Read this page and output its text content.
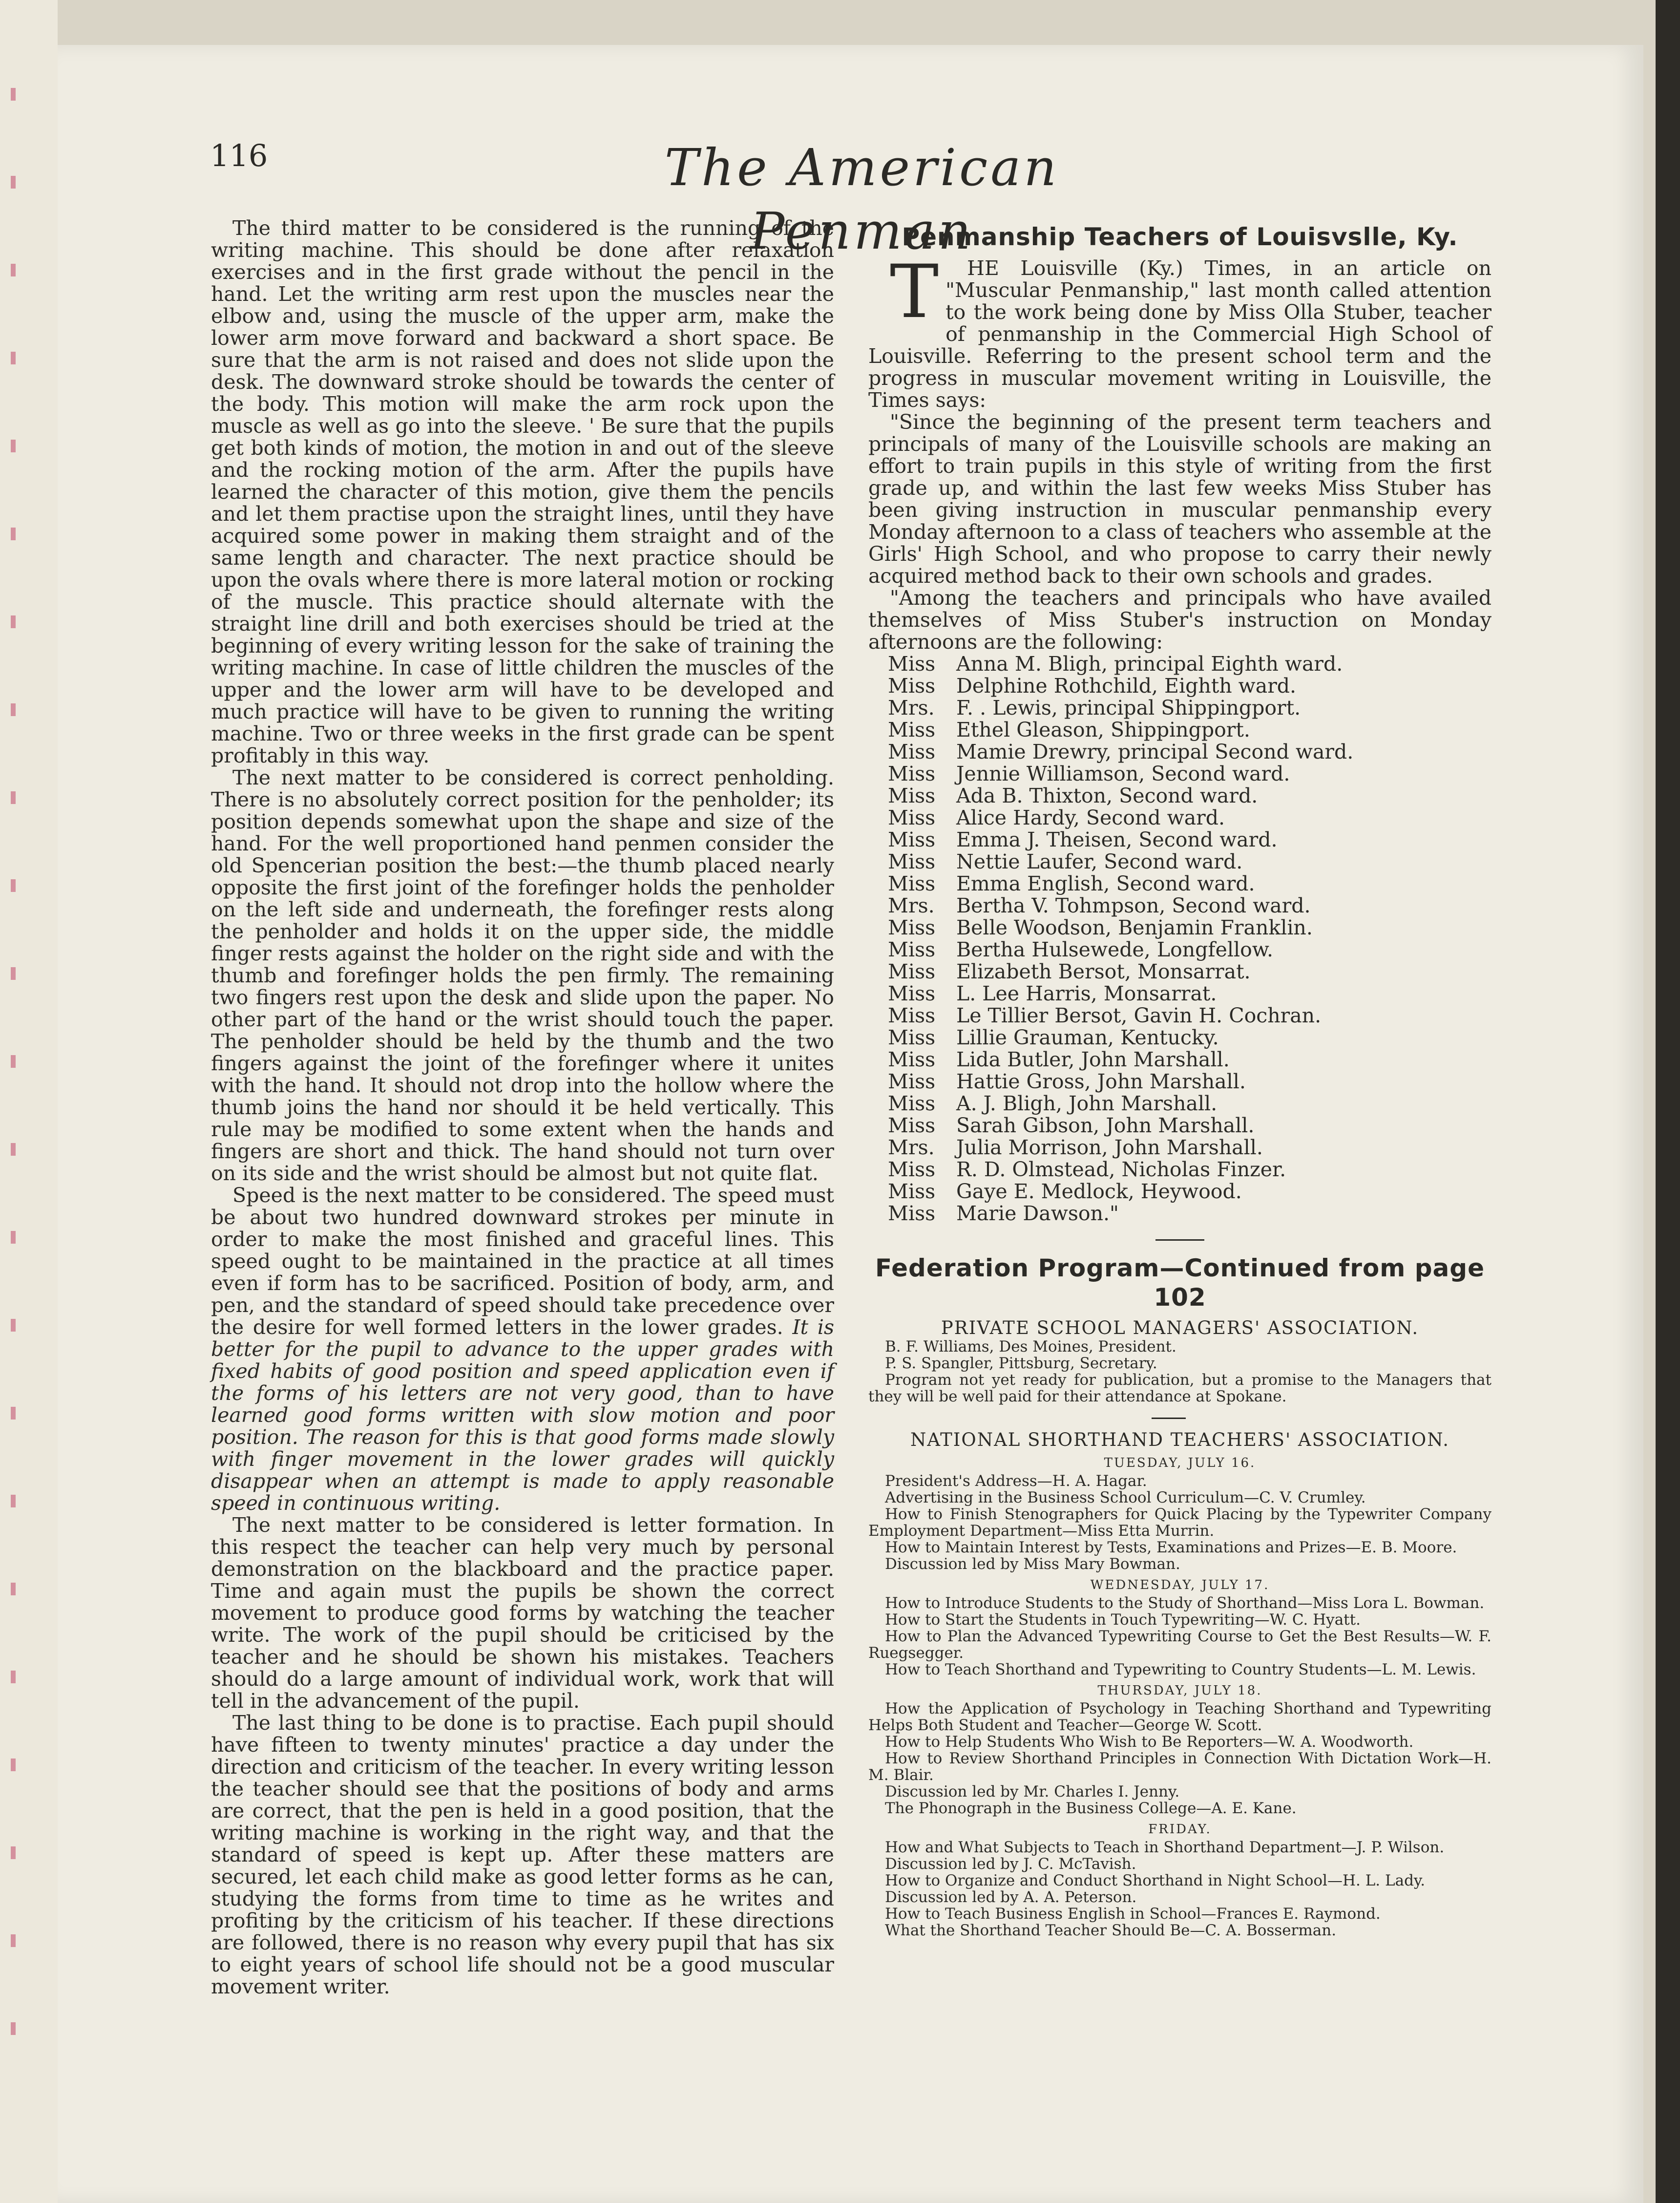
116	The American Penman

The third matter to be considered is the running of the writing machine. This should be done after relaxation exercises and in the first grade without the pencil in the hand. Let the writing arm rest upon the muscles near the elbow and, using the muscle of the upper arm, make the lower arm move forward and backward a short space. Be sure that the arm is not raised and does not slide upon the desk. The downward stroke should be towards the center of the body. This motion will make the arm rock upon the muscle as well as go into the sleeve. ' Be sure that the pupils get both kinds of motion, the motion in and out of the sleeve and the rocking motion of the arm. After the pupils have learned the character of this motion, give them the pencils and let them practise upon the straight lines, until they have acquired some power in making them straight and of the same length and character. The next practice should be upon the ovals where there is more lateral motion or rocking of the muscle. This practice should alternate with the straight line drill and both exercises should be tried at the beginning of every writing lesson for the sake of training the writing machine. In case of little children the muscles of the upper and the lower arm will have to be developed and much practice will have to be given to running the writing machine. Two or three weeks in the first grade can be spent profitably in this way.

The next matter to be considered is correct penholding. There is no absolutely correct position for the penholder; its position depends somewhat upon the shape and size of the hand. For the well proportioned hand penmen consider the old Spencerian position the best:—the thumb placed nearly opposite the first joint of the forefinger holds the penholder on the left side and underneath, the forefinger rests along the penholder and holds it on the upper side, the middle finger rests against the holder on the right side and with the thumb and forefinger holds the pen firmly. The remaining two fingers rest upon the desk and slide upon the paper. No other part of the hand or the wrist should touch the paper. The penholder should be held by the thumb and the two fingers against the joint of the forefinger where it unites with the hand. It should not drop into the hollow where the thumb joins the hand nor should it be held vertically. This rule may be modified to some extent when the hands and fingers are short and thick. The hand should not turn over on its side and the wrist should be almost but not quite flat.

Speed is the next matter to be considered. The speed must be about two hundred downward strokes per minute in order to make the most finished and graceful lines. This speed ought to be maintained in the practice at all times even if form has to be sacrificed. Position of body, arm, and pen, and the standard of speed should take precedence over the desire for well formed letters in the lower grades. It is better for the pupil to advance to the upper grades with fixed habits of good position and speed application even if the forms of his letters are not very good, than to have learned good forms written with slow motion and poor position. The reason for this is that good forms made slowly with finger movement in the lower grades will quickly disappear when an attempt is made to apply reasonable speed in continuous writing.

The next matter to be considered is letter formation. In this respect the teacher can help very much by personal demonstration on the blackboard and the practice paper. Time and again must the pupils be shown the correct movement to produce good forms by watching the teacher write. The work of the pupil should be criticised by the teacher and he should be shown his mistakes. Teachers should do a large amount of individual work, work that will tell in the advancement of the pupil.

The last thing to be done is to practise. Each pupil should have fifteen to twenty minutes' practice a day under the direction and criticism of the teacher. In every writing lesson the teacher should see that the positions of body and arms are correct, that the pen is held in a good position, that the writing machine is working in the right way, and that the standard of speed is kept up. After these matters are secured, let each child make as good letter forms as he can, studying the forms from time to time as he writes and profiting by the criticism of his teacher. If these directions are followed, there is no reason why every pupil that has six to eight years of school life should not be a good muscular movement writer.

Penmanship Teachers of Louisvslle, Ky.

T HE Louisville (Ky.) Times, in an article on "Muscular Penmanship," last month called attention to the work being done by Miss Olla Stuber, teacher of penmanship in the Commercial High School of Louisville. Referring to the present school term and the progress in muscular movement writing in Louisville, the Times says:

"Since the beginning of the present term teachers and principals of many of the Louisville schools are making an effort to train pupils in this style of writing from the first grade up, and within the last few weeks Miss Stuber has been giving instruction in muscular penmanship every Monday afternoon to a class of teachers who assemble at the Girls' High School, and who propose to carry their newly acquired method back to their own schools and grades.

"Among the teachers and principals who have availed themselves of Miss Stuber's instruction on Monday afternoons are the following:

Miss Anna M. Bligh, principal Eighth ward.
Miss Delphine Rothchild, Eighth ward.
Mrs. F. . Lewis, principal Shippingport.
Miss Ethel Gleason, Shippingport.
Miss Mamie Drewry, principal Second ward.
Miss Jennie Williamson, Second ward.
Miss Ada B. Thixton, Second ward.
Miss Alice Hardy, Second ward.
Miss Emma J. Theisen, Second ward.
Miss Nettie Laufer, Second ward.
Miss Emma English, Second ward.
Mrs. Bertha V. Tohmpson, Second ward.
Miss Belle Woodson, Benjamin Franklin.
Miss Bertha Hulsewede, Longfellow.
Miss Elizabeth Bersot, Monsarrat.
Miss L. Lee Harris, Monsarrat.
Miss Le Tillier Bersot, Gavin H. Cochran.
Miss Lillie Grauman, Kentucky.
Miss Lida Butler, John Marshall.
Miss Hattie Gross, John Marshall.
Miss A. J. Bligh, John Marshall.
Miss Sarah Gibson, John Marshall.
Mrs. Julia Morrison, John Marshall.
Miss R. D. Olmstead, Nicholas Finzer.
Miss Gaye E. Medlock, Heywood.
Miss Marie Dawson."
Federation Program—Continued from page 102
PRIVATE SCHOOL MANAGERS' ASSOCIATION.

B. F. Williams, Des Moines, President.

P. S. Spangler, Pittsburg, Secretary.

Program not yet ready for publication, but a promise to the Managers that they will be well paid for their attendance at Spokane.

NATIONAL SHORTHAND TEACHERS' ASSOCIATION.
TUESDAY, JULY 16.

President's Address—H. A. Hagar.

Advertising in the Business School Curriculum—C. V. Crumley.

How to Finish Stenographers for Quick Placing by the Typewriter Company Employment Department—Miss Etta Murrin.

How to Maintain Interest by Tests, Examinations and Prizes—E. B. Moore.

Discussion led by Miss Mary Bowman.

WEDNESDAY, JULY 17.

How to Introduce Students to the Study of Shorthand—Miss Lora L. Bowman.

How to Start the Students in Touch Typewriting—W. C. Hyatt.

How to Plan the Advanced Typewriting Course to Get the Best Results—W. F. Ruegsegger.

How to Teach Shorthand and Typewriting to Country Students—L. M. Lewis.

THURSDAY, JULY 18.

How the Application of Psychology in Teaching Shorthand and Typewriting Helps Both Student and Teacher—George W. Scott.

How to Help Students Who Wish to Be Reporters—W. A. Woodworth.

How to Review Shorthand Principles in Connection With Dictation Work—H. M. Blair.

Discussion led by Mr. Charles I. Jenny.

The Phonograph in the Business College—A. E. Kane.

FRIDAY.

How and What Subjects to Teach in Shorthand Department—J. P. Wilson.

Discussion led by J. C. McTavish.

How to Organize and Conduct Shorthand in Night School—H. L. Lady.

Discussion led by A. A. Peterson.

How to Teach Business English in School—Frances E. Raymond.

What the Shorthand Teacher Should Be—C. A. Bosserman.
